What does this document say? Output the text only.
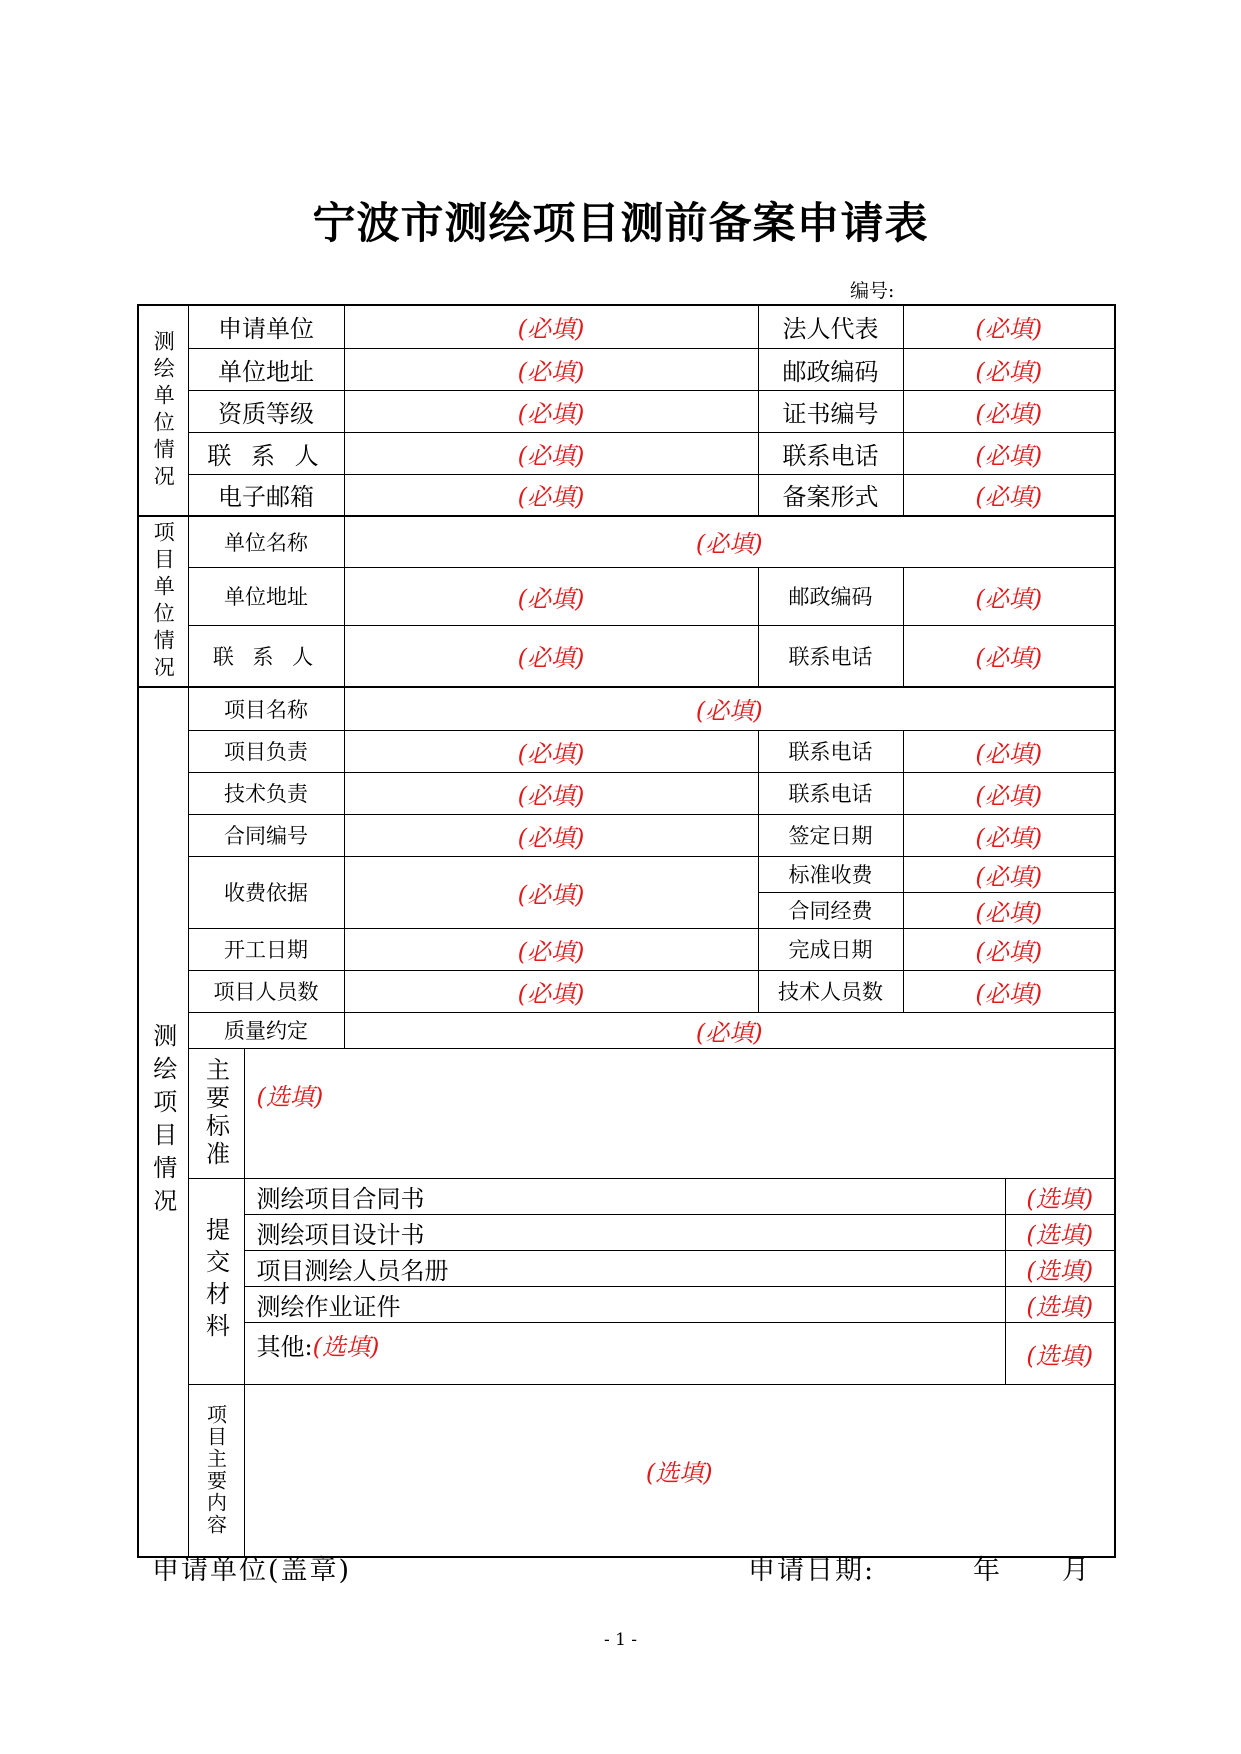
宁波市测绘项目测前备案申请表
编号:
测绘单位情况	申请单位		(必填)	法人代表	(必填)	
	单位地址		(必填)	邮政编码	(必填)	
	资质等级		(必填)	证书编号	(必填)	
	联 系 人		(必填)	联系电话	(必填)	
	电子邮箱		(必填)	备案形式	(必填)	
项目单位情况	单位名称		(必填)			
	单位地址		(必填)	邮政编码	(必填)	
	联 系 人		(必填)	联系电话	(必填)	
测绘项目情况	项目名称		(必填)			
	项目负责		(必填)	联系电话	(必填)	
	技术负责		(必填)	联系电话	(必填)	
	合同编号		(必填)	签定日期	(必填)	
	收费依据		(必填)	标准收费	(必填)	
				合同经费	(必填)	
	开工日期		(必填)	完成日期	(必填)	
	项目人员数		(必填)	技术人员数	(必填)	
	质量约定		(必填)			
	主要标准	(选填)				
	提交材料	测绘项目合同书				(选填)
		测绘项目设计书				(选填)
		项目测绘人员名册				(选填)
		测绘作业证件				(选填)
		其他:(选填)				(选填)
	项目主要内容	(选填)				
申请单位(盖章)	申请日期:	年 月
- 1 -
